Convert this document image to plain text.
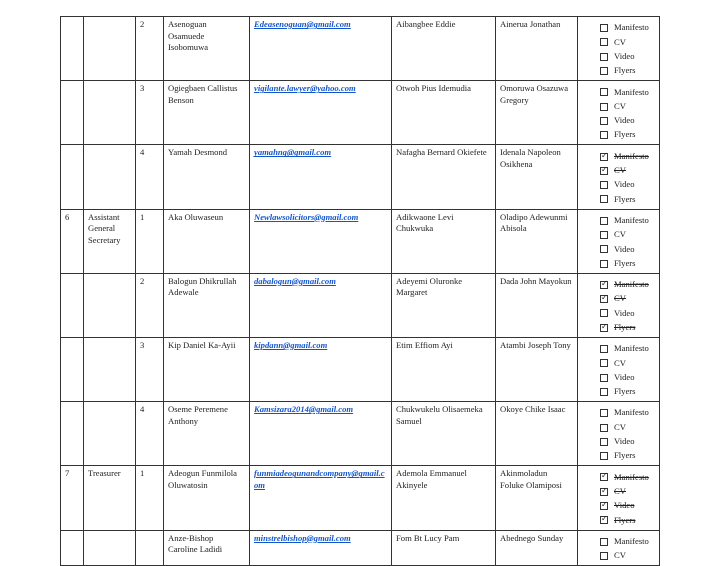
		2	Asenoguan Osamuede Isobomuwa	Edeasenoguan@gmail.com	Aibangbee Eddie	Ainerua Jonathan	Manifesto
CV
Video
Flyers

		3	Ogiegbaen Callistus Benson	vigilante.lawyer@yahoo.com	Otwoh Pius Idemudia	Omoruwa Osazuwa Gregory	Manifesto
CV
Video
Flyers

		4	Yamah Desmond	yamahng@gmail.com	Nafagha Bernard Okiefete	Idenala Napoleon Osikhena	
✓
Manifesto
✓
CV
Video
Flyers

6	Assistant General Secretary	1	Aka Oluwaseun	Newlawsolicitors@gmail.com	Adikwaone Levi Chukwuka	Oladipo Adewunmi Abisola	Manifesto
CV
Video
Flyers

		2	Balogun Dhikrullah Adewale	dabalogun@gmail.com	Adeyemi Oluronke Margaret	Dada John Mayokun	
✓Manifesto
✓
CV
Video
✓
Flyers

		3	Kip Daniel Ka-Ayii	kipdann@gmail.com	Etim Effiom Ayi	Atambi Joseph Tony	Manifesto
CV
Video
Flyers

		4	Oseme Peremene Anthony	Kamsizara2014@gmail.com	Chukwukelu Olisaemeka Samuel	Okoye Chike Isaac	Manifesto
CV
Video
Flyers

7	Treasurer	1	Adeogun Funmilola Oluwatosin	funmiadeogunandcompany@gmail.com	Ademola Emmanuel Akinyele	Akinmoladun Foluke Olamiposi	
✓
Manifesto
✓
CV
✓
Video
✓
Flyers

			Anze-Bishop Caroline Ladidi	minstrelbishop@gmail.com	Fom Bt Lucy Pam	Abednego Sunday	Manifesto
CV
